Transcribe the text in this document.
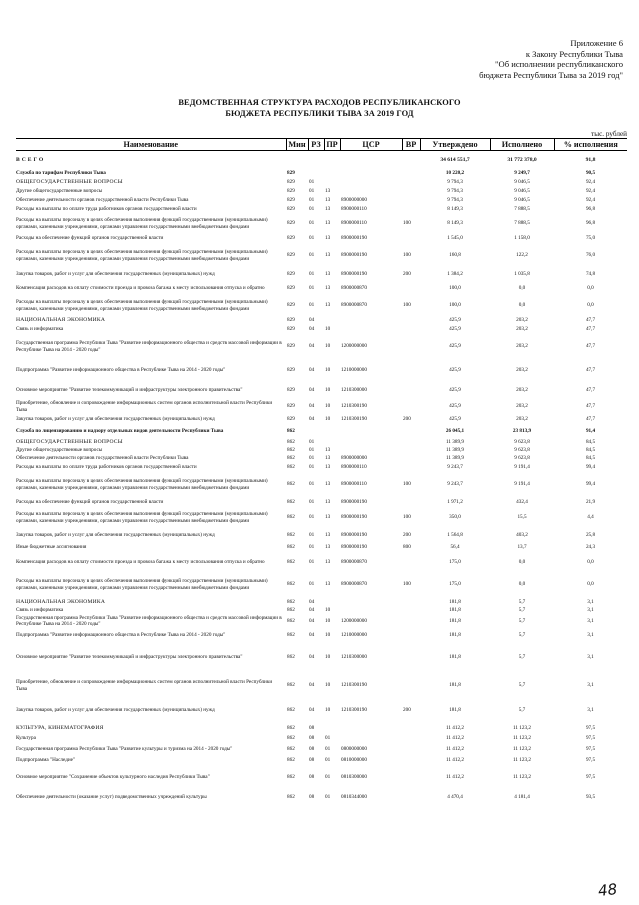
Приложение 6
к Закону Республики Тыва
"Об исполнении республиканского
бюджета Республики Тыва за 2019 год"
ВЕДОМСТВЕННАЯ СТРУКТУРА РАСХОДОВ РЕСПУБЛИКАНСКОГО
БЮДЖЕТА РЕСПУБЛИКИ ТЫВА ЗА 2019 ГОД
тыс. рублей
Наименование	Мин	РЗ	ПР	ЦСР	ВР	Утверждено	Исполнено	% исполнения
ВСЕГО						34 614 551,7	31 772 378,0	91,8
Служба по тарифам Республики Тыва	829					10 220,2	9 249,7	90,5
ОБЩЕГОСУДАРСТВЕННЫЕ ВОПРОСЫ	829	01				9 794,3	9 046,5	92,4
Другие общегосударственные вопросы	829	01	13			9 794,3	9 046,5	92,4
Обеспечение деятельности органов государственной власти Республики Тыва	829	01	13	8900000000		9 794,3	9 046,5	92,4
Расходы на выплаты по оплате труда работников органов государственной власти	829	01	13	8900000110		8 149,3	7 888,5	96,8
Расходы на выплаты персоналу в целях обеспечения выполнения функций государственными (муниципальными) органами, казенными учреждениями, органами управления государственными внебюджетными фондами	829	01	13	8900000110	100	8 149,3	7 888,5	96,8
Расходы на обеспечение функций органов государственной власти	829	01	13	8900000190		1 545,0	1 158,0	75,0
Расходы на выплаты персоналу в целях обеспечения выполнения функций государственными (муниципальными) органами, казенными учреждениями, органами управления государственными внебюджетными фондами	829	01	13	8900000190	100	160,8	122,2	76,0
Закупка товаров, работ и услуг для обеспечения государственных (муниципальных) нужд	829	01	13	8900000190	200	1 384,2	1 035,8	74,8
Компенсация расходов на оплату стоимости проезда и провоза багажа к месту использования отпуска и обратно	829	01	13	8900000870		100,0	0,0	0,0
Расходы на выплаты персоналу в целях обеспечения выполнения функций государственными (муниципальными) органами, казенными учреждениями, органами управления государственными внебюджетными фондами	829	01	13	8900000870	100	100,0	0,0	0,0
НАЦИОНАЛЬНАЯ ЭКОНОМИКА	829	04				425,9	203,2	47,7
Связь и информатика	829	04	10			425,9	203,2	47,7
Государственная программа Республики Тыва "Развитие информационного общества и средств массовой информации в Республике Тыва на 2014 - 2020 годы"	829	04	10	1200000000		425,9	203,2	47,7
Подпрограмма "Развитие информационного общества в Республике Тыва на 2014 - 2020 годы"	829	04	10	1210000000		425,9	203,2	47,7
Основное мероприятие "Развитие телекоммуникаций и инфраструктуры электронного правительства"	829	04	10	1210300000		425,9	203,2	47,7
Приобретение, обновление и сопровождение информационных систем органов исполнительной власти Республики Тыва	829	04	10	1210300190		425,9	203,2	47,7
Закупка товаров, работ и услуг для обеспечения государственных (муниципальных) нужд	829	04	10	1210300190	200	425,9	203,2	47,7
Служба по лицензированию и надзору отдельных видов деятельности Республики Тыва	862					26 045,1	23 813,9	91,4
ОБЩЕГОСУДАРСТВЕННЫЕ ВОПРОСЫ	862	01				11 389,9	9 623,8	84,5
Другие общегосударственные вопросы	862	01	13			11 389,9	9 623,8	84,5
Обеспечение деятельности органов государственной власти Республики Тыва	862	01	13	8900000000		11 389,9	9 623,8	84,5
Расходы на выплаты по оплате труда работников органов государственной власти	862	01	13	8900000110		9 243,7	9 191,4	99,4
Расходы на выплаты персоналу в целях обеспечения выполнения функций государственными (муниципальными) органами, казенными учреждениями, органами управления государственными внебюджетными фондами	862	01	13	8900000110	100	9 243,7	9 191,4	99,4
Расходы на обеспечение функций органов государственной власти	862	01	13	8900000190		1 971,2	432,4	21,9
Расходы на выплаты персоналу в целях обеспечения выполнения функций государственными (муниципальными) органами, казенными учреждениями, органами управления государственными внебюджетными фондами	862	01	13	8900000190	100	350,0	15,5	4,4
Закупка товаров, работ и услуг для обеспечения государственных (муниципальных) нужд	862	01	13	8900000190	200	1 564,8	403,2	25,8
Иные бюджетные ассигнования	862	01	13	8900000190	800	56,4	13,7	24,3
Компенсация расходов на оплату стоимости проезда и провоза багажа к месту использования отпуска и обратно	862	01	13	8900000870		175,0	0,0	0,0
Расходы на выплаты персоналу в целях обеспечения выполнения функций государственными (муниципальными) органами, казенными учреждениями, органами управления государственными внебюджетными фондами	862	01	13	8900000870	100	175,0	0,0	0,0
НАЦИОНАЛЬНАЯ ЭКОНОМИКА	862	04				181,8	5,7	3,1
Связь и информатика	862	04	10			181,8	5,7	3,1
Государственная программа Республики Тыва "Развитие информационного общества и средств массовой информации в Республике Тыва на 2014 - 2020 годы"	862	04	10	1200000000		181,8	5,7	3,1
Подпрограмма "Развитие информационного общества в Республике Тыва на 2014 - 2020 годы"	862	04	10	1210000000		181,8	5,7	3,1
Основное мероприятие "Развитие телекоммуникаций и инфраструктуры электронного правительства"	862	04	10	1210300000		181,8	5,7	3,1
Приобретение, обновление и сопровождение информационных систем органов исполнительной власти Республики Тыва	862	04	10	1210300190		181,8	5,7	3,1
Закупка товаров, работ и услуг для обеспечения государственных (муниципальных) нужд	862	04	10	1210300190	200	181,8	5,7	3,1
КУЛЬТУРА, КИНЕМАТОГРАФИЯ	862	08				11 412,2	11 123,2	97,5
Культура	862	08	01			11 412,2	11 123,2	97,5
Государственная программа Республики Тыва "Развитие культуры и туризма на 2014 - 2020 годы"	862	08	01	0800000000		11 412,2	11 123,2	97,5
Подпрограмма "Наследие"	862	08	01	0810000000		11 412,2	11 123,2	97,5
Основное мероприятие "Сохранение объектов культурного наследия Республики Тыва"	862	08	01	0810300000		11 412,2	11 123,2	97,5
Обеспечение деятельности (оказание услуг) подведомственных учреждений культуры	862	08	01	0810344000		4 470,4	4 181,4	93,5
48
